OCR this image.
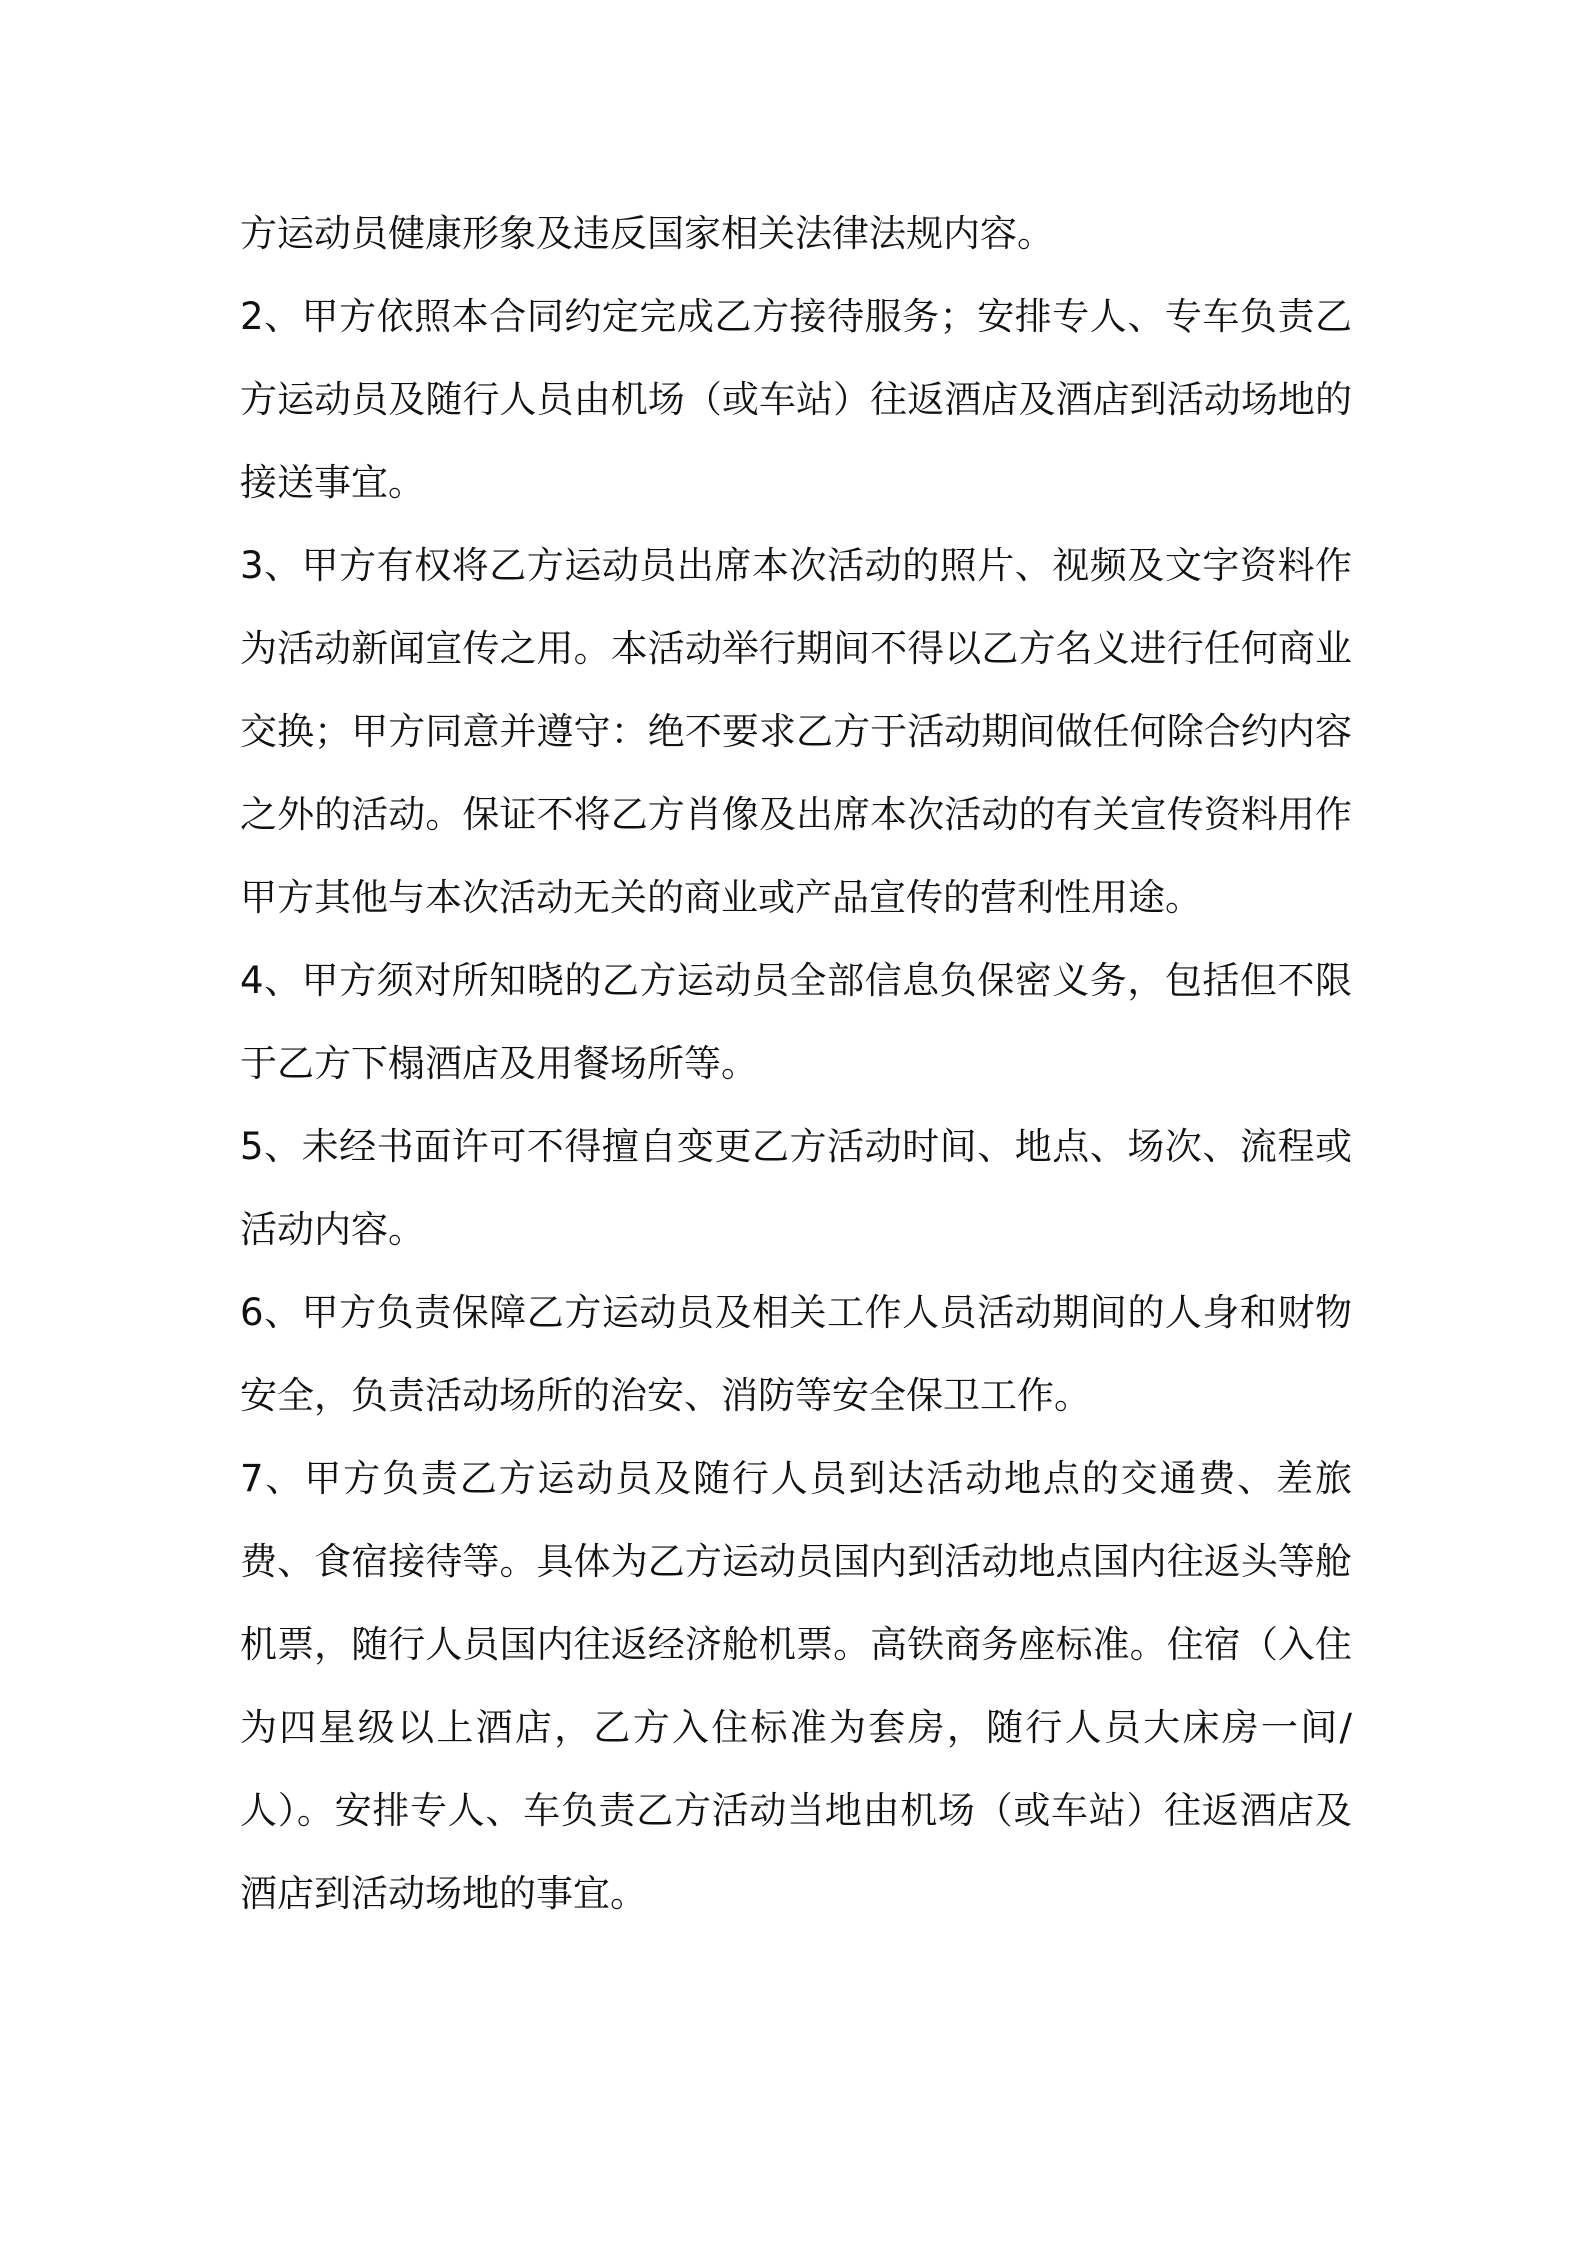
方运动员健康形象及违反国家相关法律法规内容。

2、甲方依照本合同约定完成乙方接待服务；安排专人、专车负责乙方运动员及随行人员由机场（或车站）往返酒店及酒店到活动场地的接送事宜。

3、甲方有权将乙方运动员出席本次活动的照片、视频及文字资料作为活动新闻宣传之用。本活动举行期间不得以乙方名义进行任何商业交换；甲方同意并遵守：绝不要求乙方于活动期间做任何除合约内容之外的活动。保证不将乙方肖像及出席本次活动的有关宣传资料用作甲方其他与本次活动无关的商业或产品宣传的营利性用途。

4、甲方须对所知晓的乙方运动员全部信息负保密义务，包括但不限于乙方下榻酒店及用餐场所等。

5、未经书面许可不得擅自变更乙方活动时间、地点、场次、流程或活动内容。

6、甲方负责保障乙方运动员及相关工作人员活动期间的人身和财物安全，负责活动场所的治安、消防等安全保卫工作。

7、甲方负责乙方运动员及随行人员到达活动地点的交通费、差旅费、食宿接待等。具体为乙方运动员国内到活动地点国内往返头等舱机票，随行人员国内往返经济舱机票。高铁商务座标准。住宿（入住为四星级以上酒店，乙方入住标准为套房，随行人员大床房一间/人）。安排专人、车负责乙方活动当地由机场（或车站）往返酒店及酒店到活动场地的事宜。
